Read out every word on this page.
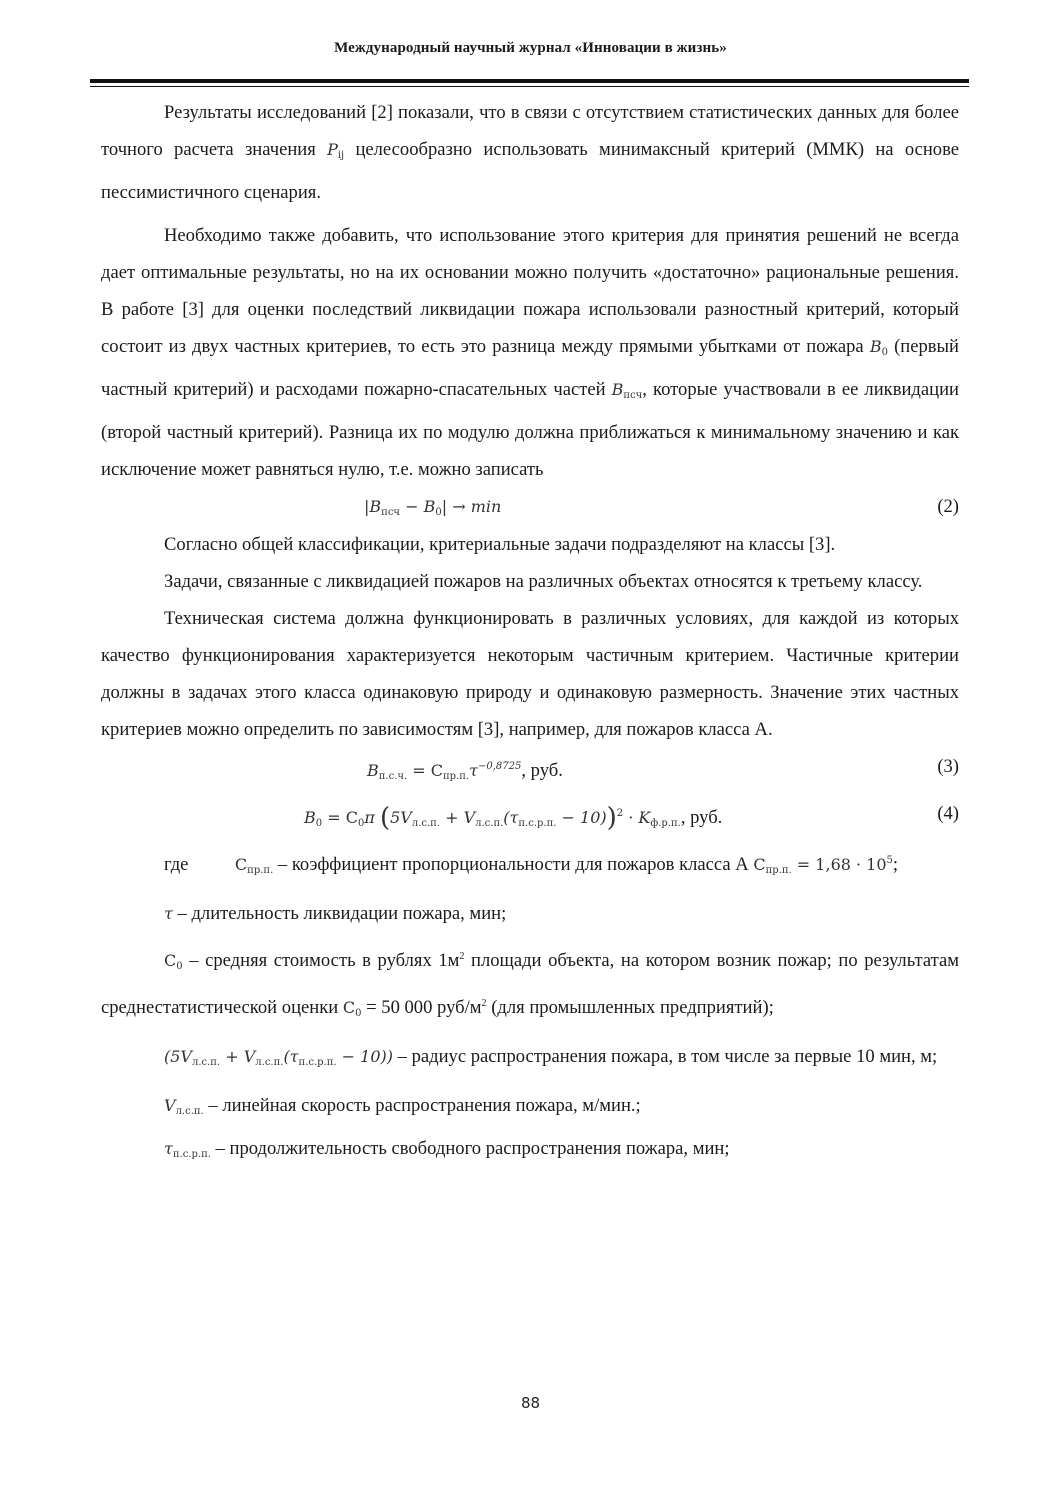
Международный научный журнал «Инновации в жизнь»

Результаты исследований [2] показали, что в связи с отсутствием статистических данных для более точного расчета значения $P_{ij}$ целесообразно использовать минимаксный критерий (ММК) на основе пессимистичного сценария.

Необходимо также добавить, что использование этого критерия для принятия решений не всегда дает оптимальные результаты, но на их основании можно получить «достаточно» рациональные решения. В работе [3] для оценки последствий ликвидации пожара использовали разностный критерий, который состоит из двух частных критериев, то есть это разница между прямыми убытками от пожара $B_0$ (первый частный критерий) и расходами пожарно-спасательных частей $B_{псч}$, которые участвовали в ее ликвидации (второй частный критерий). Разница их по модулю должна приближаться к минимальному значению и как исключение может равняться нулю, т.е. можно записать

$|B_{псч} - B_0| \to \min$	(2)

Согласно общей классификации, критериальные задачи подразделяют на классы [3].

Задачи, связанные с ликвидацией пожаров на различных объектах относятся к третьему классу.

Техническая система должна функционировать в различных условиях, для каждой из которых качество функционирования характеризуется некоторым частичным критерием. Частичные критерии должны в задачах этого класса одинаковую природу и одинаковую размерность. Значение этих частных критериев можно определить по зависимостям [3], например, для пожаров класса А.

$B_{п.с.ч.} = C_{пр.п.}\tau^{-0,8725}$, руб.	(3)
$B_0 = C_0\pi$ $(5V_{л.с.п.} + V_{л.с.п.}(\tau_{п.с.р.п.} - 10))^2 \cdot K_{ф.р.п.}$, руб.	(4)

где	$C_{пр.п.}$ – коэффициент пропорциональности для пожаров класса А $C_{пр.п.} = 1,68 \cdot 10^5$;

τ – длительность ликвидации пожара, мин;

$C_0$ – средняя стоимость в рублях $1м^2$ площади объекта, на котором возник пожар; по результатам среднестатистической оценки $C_0 = 50$ 000 руб/$м^2$ (для промышленных предприятий);

$(5V_{л.с.п.} + V_{л.с.п.}(\tau_{п.с.р.п.} - 10))$ – радиус распространения пожара, в том числе за первые 10 мин, м;

$V_{л.с.п.}$ – линейная скорость распространения пожара, м/мин.;

$\tau_{п.с.р.п.}$ – продолжительность свободного распространения пожара, мин;

88
